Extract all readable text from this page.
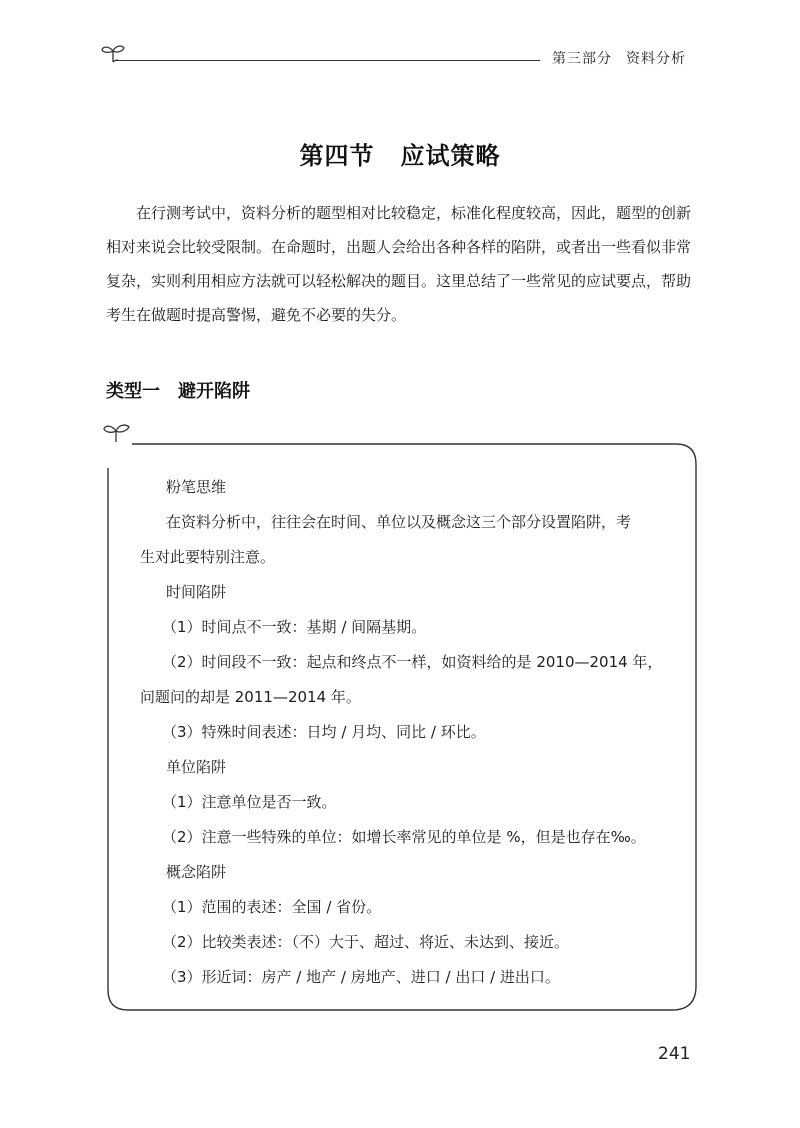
第三部分 资料分析
第四节 应试策略

在行测考试中，资料分析的题型相对比较稳定，标准化程度较高，因此，题型的创新相对来说会比较受限制。在命题时，出题人会给出各种各样的陷阱，或者出一些看似非常复杂，实则利用相应方法就可以轻松解决的题目。这里总结了一些常见的应试要点，帮助考生在做题时提高警惕，避免不必要的失分。

类型一 避开陷阱
粉笔思维
在资料分析中，往往会在时间、单位以及概念这三个部分设置陷阱，考
生对此要特别注意。
时间陷阱
（1）时间点不一致：基期 / 间隔基期。
（2）时间段不一致：起点和终点不一样，如资料给的是 2010—2014 年，
问题问的却是 2011—2014 年。
（3）特殊时间表述：日均 / 月均、同比 / 环比。
单位陷阱
（1）注意单位是否一致。
（2）注意一些特殊的单位：如增长率常见的单位是 %，但是也存在‰。
概念陷阱
（1）范围的表述：全国 / 省份。
（2）比较类表述：（不）大于、超过、将近、未达到、接近。
（3）形近词：房产 / 地产 / 房地产、进口 / 出口 / 进出口。
241
